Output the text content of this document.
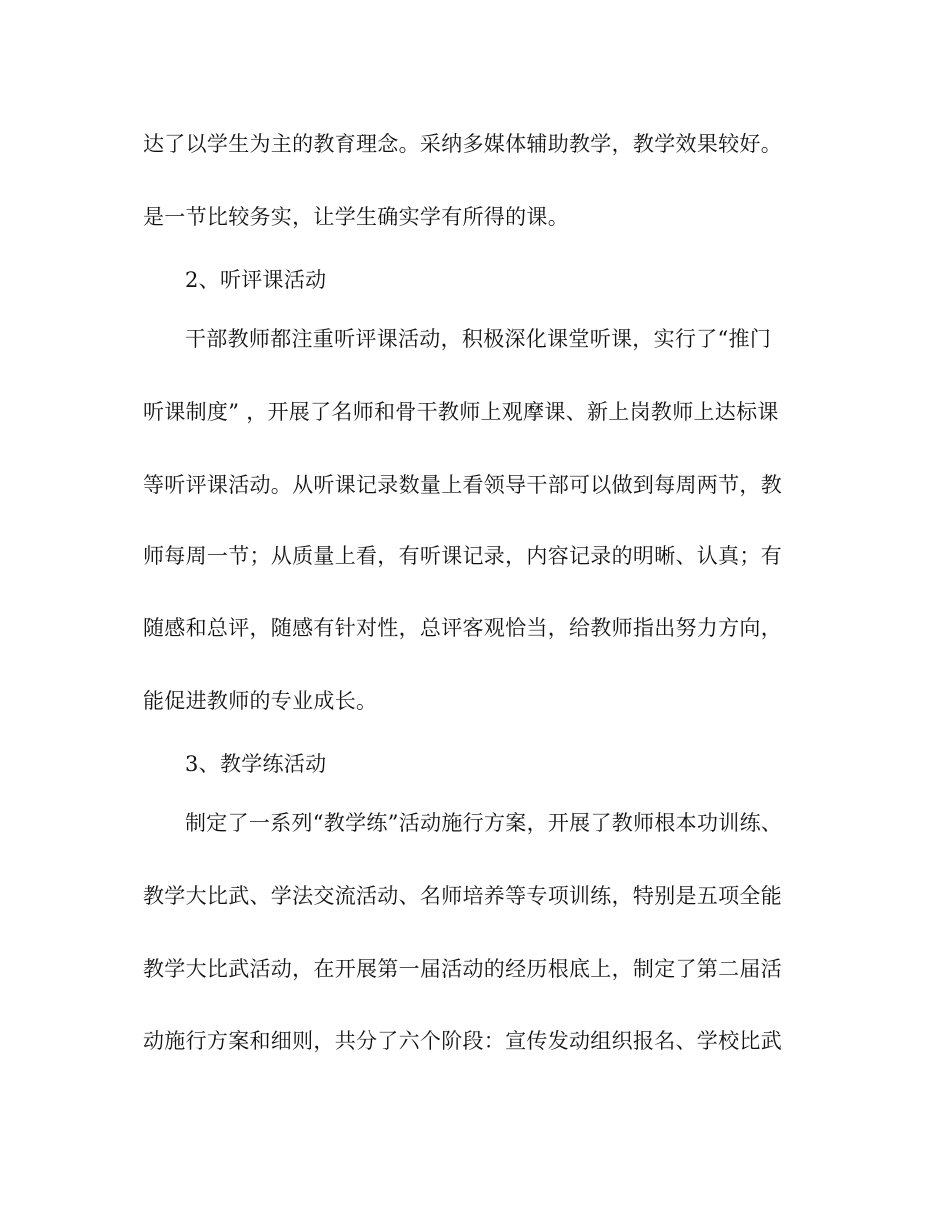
达了以学生为主的教育理念。采纳多媒体辅助教学，教学效果较好。
是一节比较务实，让学生确实学有所得的课。
2、听评课活动
干部教师都注重听评课活动，积极深化课堂听课，实行了“推门
听课制度” ，开展了名师和骨干教师上观摩课、新上岗教师上达标课
等听评课活动。从听课记录数量上看领导干部可以做到每周两节，教
师每周一节；从质量上看，有听课记录，内容记录的明晰、认真；有
随感和总评，随感有针对性，总评客观恰当，给教师指出努力方向，
能促进教师的专业成长。
3、教学练活动
制定了一系列“教学练”活动施行方案，开展了教师根本功训练、
教学大比武、学法交流活动、名师培养等专项训练，特别是五项全能
教学大比武活动，在开展第一届活动的经历根底上，制定了第二届活
动施行方案和细则，共分了六个阶段：宣传发动组织报名、学校比武
